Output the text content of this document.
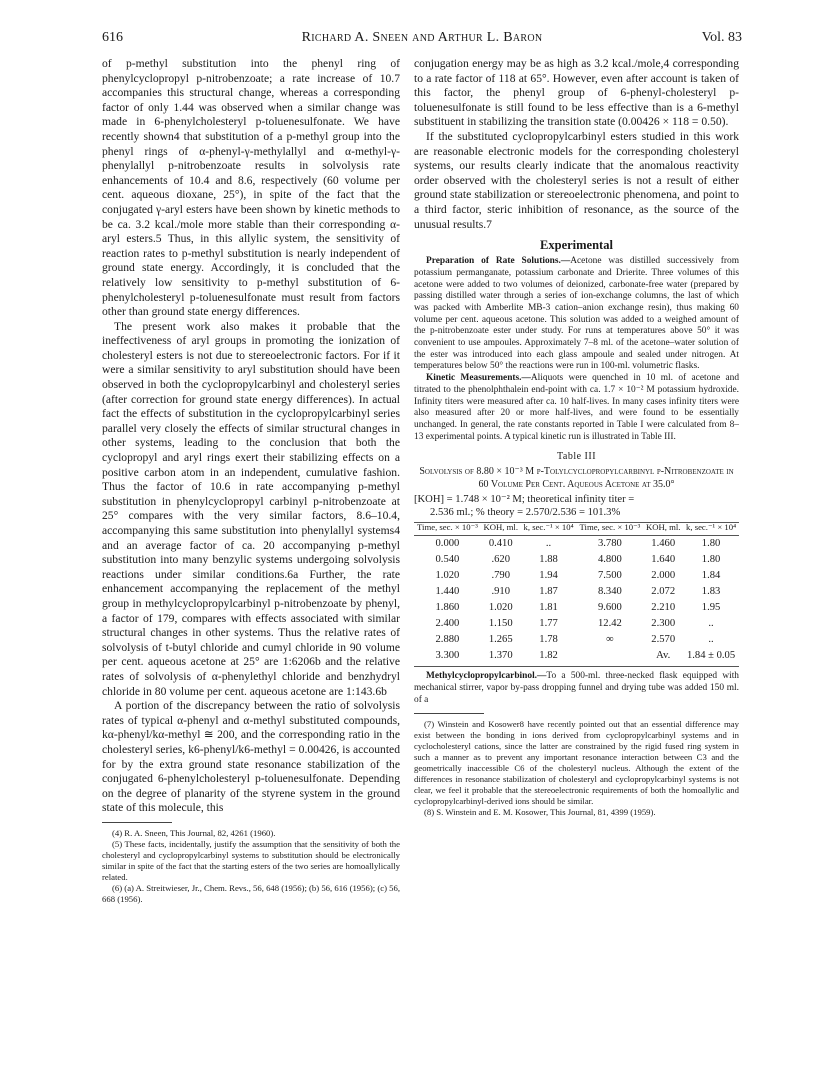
616	Richard A. Sneen and Arthur L. Baron	Vol. 83

of p-methyl substitution into the phenyl ring of phenylcyclopropyl p-nitrobenzoate; a rate increase of 10.7 accompanies this structural change, whereas a corresponding factor of only 1.44 was observed when a similar change was made in 6-phenylcholesteryl p-toluenesulfonate. We have recently shown4 that substitution of a p-methyl group into the phenyl rings of α-phenyl-γ-methylallyl and α-methyl-γ-phenylallyl p-nitrobenzoate results in solvolysis rate enhancements of 10.4 and 8.6, respectively (60 volume per cent. aqueous dioxane, 25°), in spite of the fact that the conjugated γ-aryl esters have been shown by kinetic methods to be ca. 3.2 kcal./mole more stable than their corresponding α-aryl esters.5 Thus, in this allylic system, the sensitivity of reaction rates to p-methyl substitution is nearly independent of ground state energy. Accordingly, it is concluded that the relatively low sensitivity to p-methyl substitution of 6-phenylcholesteryl p-toluenesulfonate must result from factors other than ground state energy differences.

The present work also makes it probable that the ineffectiveness of aryl groups in promoting the ionization of cholesteryl esters is not due to stereoelectronic factors. For if it were a similar sensitivity to aryl substitution should have been observed in both the cyclopropylcarbinyl and cholesteryl series (after correction for ground state energy differences). In actual fact the effects of substitution in the cyclopropylcarbinyl series parallel very closely the effects of similar structural changes in other systems, leading to the conclusion that both the cyclopropyl and aryl rings exert their stabilizing effects on a positive carbon atom in an independent, cumulative fashion. Thus the factor of 10.6 in rate accompanying p-methyl substitution in phenylcyclopropyl carbinyl p-nitrobenzoate at 25° compares with the very similar factors, 8.6–10.4, accompanying this same substitution into phenylallyl systems4 and an average factor of ca. 20 accompanying p-methyl substitution into many benzylic systems undergoing solvolysis reactions under similar conditions.6a Further, the rate enhancement accompanying the replacement of the methyl group in methylcyclopropylcarbinyl p-nitrobenzoate by phenyl, a factor of 179, compares with effects associated with similar structural changes in other systems. Thus the relative rates of solvolysis of t-butyl chloride and cumyl chloride in 90 volume per cent. aqueous acetone at 25° are 1:6206b and the relative rates of solvolysis of α-phenylethyl chloride and benzhydryl chloride in 80 volume per cent. aqueous acetone are 1:143.6b

A portion of the discrepancy between the ratio of solvolysis rates of typical α-phenyl and α-methyl substituted compounds, kα-phenyl/kα-methyl ≅ 200, and the corresponding ratio in the cholesteryl series, k6-phenyl/k6-methyl = 0.00426, is accounted for by the extra ground state resonance stabilization of the conjugated 6-phenylcholesteryl p-toluenesulfonate. Depending on the degree of planarity of the styrene system in the ground state of this molecule, this

(4) R. A. Sneen, This Journal, 82, 4261 (1960).

(5) These facts, incidentally, justify the assumption that the sensitivity of both the cholesteryl and cyclopropylcarbinyl systems to substitution should be electronically similar in spite of the fact that the starting esters of the two series are homoallylically related.

(6) (a) A. Streitwieser, Jr., Chem. Revs., 56, 648 (1956); (b) 56, 616 (1956); (c) 56, 668 (1956).

conjugation energy may be as high as 3.2 kcal./mole,4 corresponding to a rate factor of 118 at 65°. However, even after account is taken of this factor, the phenyl group of 6-phenyl-cholesteryl p-toluenesulfonate is still found to be less effective than is a 6-methyl substituent in stabilizing the transition state (0.00426 × 118 = 0.50).

If the substituted cyclopropylcarbinyl esters studied in this work are reasonable electronic models for the corresponding cholesteryl systems, our results clearly indicate that the anomalous reactivity order observed with the cholesteryl series is not a result of either ground state stabilization or stereoelectronic phenomena, and point to a third factor, steric inhibition of resonance, as the source of the unusual results.7

Experimental

Preparation of Rate Solutions.—Acetone was distilled successively from potassium permanganate, potassium carbonate and Drierite. Three volumes of this acetone were added to two volumes of deionized, carbonate-free water (prepared by passing distilled water through a series of ion-exchange columns, the last of which was packed with Amberlite MB-3 cation–anion exchange resin), thus making 60 volume per cent. aqueous acetone. This solution was added to a weighed amount of the p-nitrobenzoate ester under study. For runs at temperatures above 50° it was convenient to use ampoules. Approximately 7–8 ml. of the acetone–water solution of the ester was introduced into each glass ampoule and sealed under nitrogen. At temperatures below 50° the reactions were run in 100-ml. volumetric flasks.

Kinetic Measurements.—Aliquots were quenched in 10 ml. of acetone and titrated to the phenolphthalein end-point with ca. 1.7 × 10⁻² M potassium hydroxide. Infinity titers were measured after ca. 10 half-lives. In many cases infinity titers were also measured after 20 or more half-lives, and were found to be essentially unchanged. In general, the rate constants reported in Table I were calculated from 8–13 experimental points. A typical kinetic run is illustrated in Table III.

Table III

Solvolysis of 8.80 × 10⁻³ M p-Tolylcyclopropylcarbinyl p-Nitrobenzoate in 60 Volume Per Cent. Aqueous Acetone at 35.0°

[KOH] = 1.748 × 10⁻² M; theoretical infinity titer =
2.536 ml.; % theory = 2.570/2.536 = 101.3%
Time, sec. × 10⁻³	KOH, ml.	k, sec.⁻¹ × 10⁴	Time, sec. × 10⁻³	KOH, ml.	k, sec.⁻¹ × 10⁴
0.000	0.410	..	3.780	1.460	1.80
0.540	.620	1.88	4.800	1.640	1.80
1.020	.790	1.94	7.500	2.000	1.84
1.440	.910	1.87	8.340	2.072	1.83
1.860	1.020	1.81	9.600	2.210	1.95
2.400	1.150	1.77	12.42	2.300	..
2.880	1.265	1.78	∞	2.570	..
3.300	1.370	1.82		Av.	1.84 ± 0.05

Methylcyclopropylcarbinol.—To a 500-ml. three-necked flask equipped with mechanical stirrer, vapor by-pass dropping funnel and drying tube was added 150 ml. of a

(7) Winstein and Kosower8 have recently pointed out that an essential difference may exist between the bonding in ions derived from cyclopropylcarbinyl systems and in cyclocholesteryl cations, since the latter are constrained by the rigid fused ring system in such a manner as to prevent any important resonance interaction between C3 and the geometrically inaccessible C6 of the cholesteryl nucleus. Although the extent of the differences in resonance stabilization of cholesteryl and cyclopropylcarbinyl systems is not clear, we feel it probable that the stereoelectronic requirements of both the homoallylic and cyclopropylcarbinyl-derived ions should be similar.

(8) S. Winstein and E. M. Kosower, This Journal, 81, 4399 (1959).
